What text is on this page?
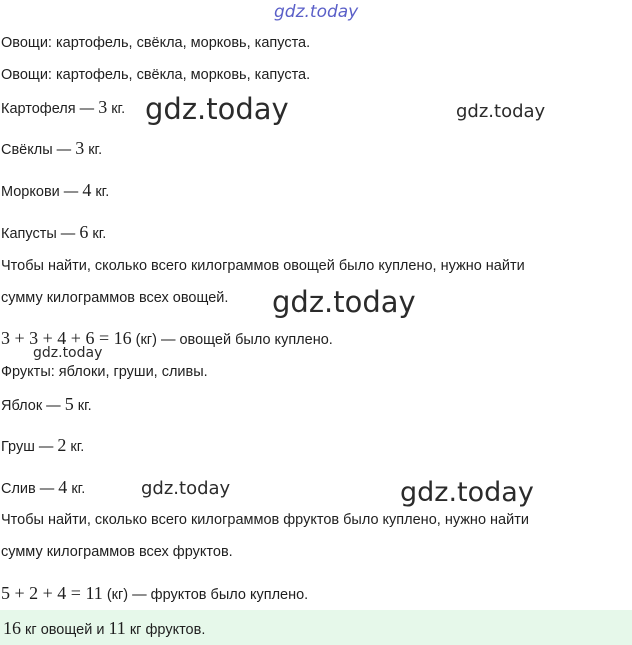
gdz.today
gdz.today	gdz.today
gdz.today
gdz.today
gdz.today	gdz.today
Овощи: картофель, свёкла, морковь, капуста.
Овощи: картофель, свёкла, морковь, капуста.
Картофеля — 3 кг.
Свёклы — 3 кг.
Моркови — 4 кг.
Капусты — 6 кг.
Чтобы найти, сколько всего килограммов овощей было куплено, нужно найти
сумму килограммов всех овощей.
3 + 3 + 4 + 6 = 16 (кг) — овощей было куплено.
Фрукты: яблоки, груши, сливы.
Яблок — 5 кг.
Груш — 2 кг.
Слив — 4 кг.
Чтобы найти, сколько всего килограммов фруктов было куплено, нужно найти
сумму килограммов всех фруктов.
5 + 2 + 4 = 11 (кг) — фруктов было куплено.
16 кг овощей и 11 кг фруктов.
